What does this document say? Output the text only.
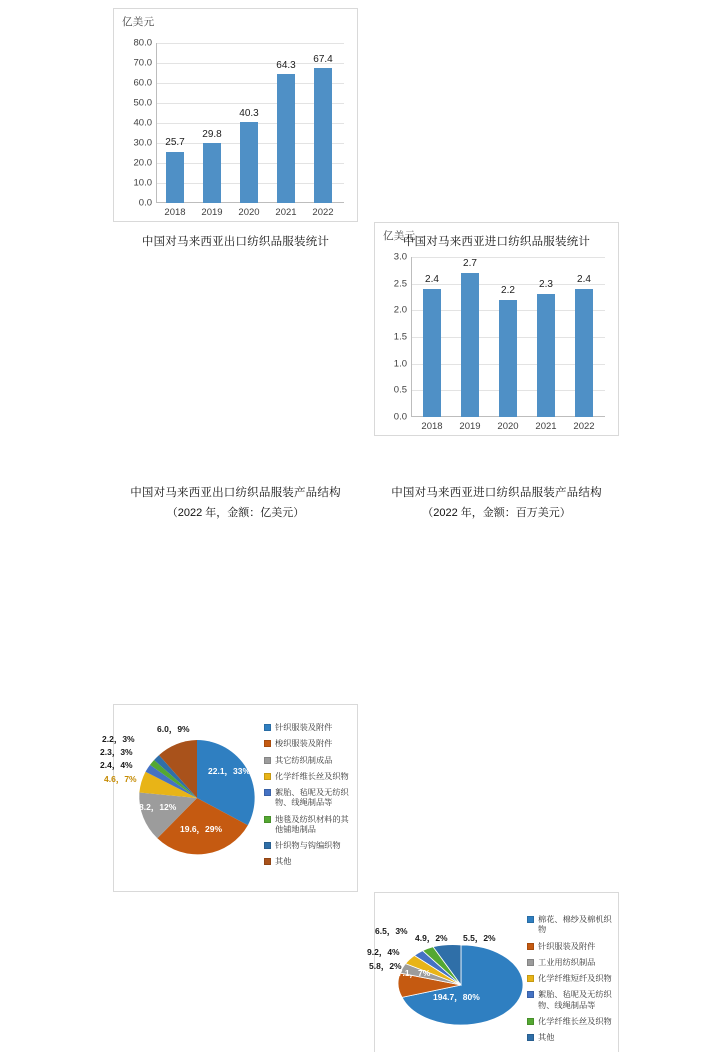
亿美元
80.0
70.0
60.0
50.0
40.0
30.0
20.0
10.0
0.0
25.7
29.8
40.3
64.3
67.4
2018 2019 2020 2021 2022
中国对马来西亚出口纺织品服装统计	亿美元
3.0
2.5
2.0
1.5
1.0
0.5
0.0
2.4
2.7
2.2
2.3 2.4
2018 2019 2020 2021 2022
中国对马来西亚进口纺织品服装统计
22.1，33%
19.6，29%
8.2，12%
4.6，7%
2.4，4%
2.3，3%
2.2，3%
6.0，9%	针织服装及附件
梭织服装及附件
其它纺织制成品
化学纤维长丝及织物
絮胎、毡呢及无纺织物、线绳制品等
地毯及纺织材料的其他铺地制品
针织物与钩编织物
其他
中国对马来西亚出口纺织品服装产品结构
（2022 年，金额：亿美元）
194.7，80%
17.1，7%
9.2，4%
6.5，3%
5.8，2%
4.9，2% 5.5，2%
棉花、棉纱及棉机织物
针织服装及附件
工业用纺织制品
化学纤维短纤及织物
絮胎、毡呢及无纺织物、线绳制品等
化学纤维长丝及织物
其他
中国对马来西亚进口纺织品服装产品结构
（2022 年，金额：百万美元）
